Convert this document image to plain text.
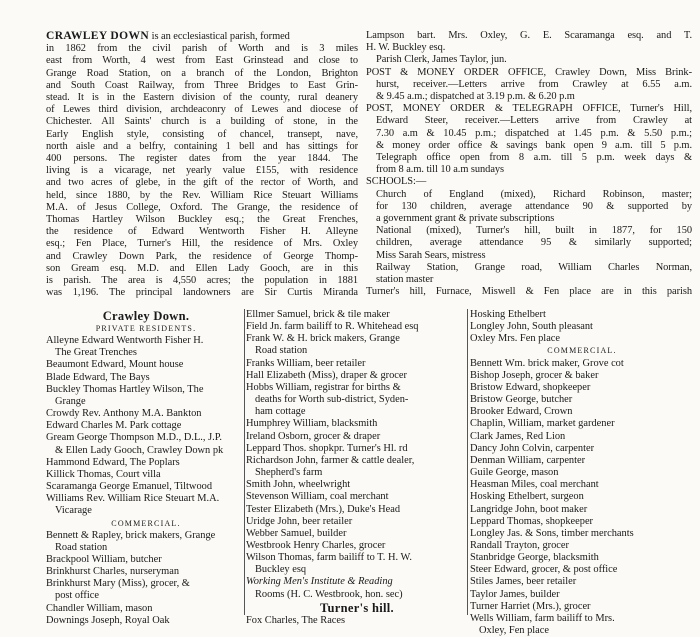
CRAWLEY DOWN is an ecclesiastical parish, formed
in 1862 from the civil parish of Worth and is 3 miles
east from Worth, 4 west from East Grinstead and close to
Grange Road Station, on a branch of the London, Brighton
and South Coast Railway, from Three Bridges to East Grin-
stead. It is in the Eastern division of the county, rural deanery
of Lewes third division, archdeaconry of Lewes and diocese of
Chichester. All Saints' church is a building of stone, in the
Early English style, consisting of chancel, transept, nave,
north aisle and a belfry, containing 1 bell and has sittings for
400 persons. The register dates from the year 1844. The
living is a vicarage, net yearly value £155, with residence
and two acres of glebe, in the gift of the rector of Worth, and
held, since 1880, by the Rev. William Rice Steuart Williams
M.A. of Jesus College, Oxford. The Grange, the residence of
Thomas Hartley Wilson Buckley esq.; the Great Frenches,
the residence of Edward Wentworth Fisher H. Alleyne
esq.; Fen Place, Turner's Hill, the residence of Mrs. Oxley
and Crawley Down Park, the residence of George Thomp-
son Gream esq. M.D. and Ellen Lady Gooch, are in this
is parish. The area is 4,550 acres; the population in 1881
was 1,196. The principal landowners are Sir Curtis Miranda
Lampson bart. Mrs. Oxley, G. E. Scaramanga esq. and T.
H. W. Buckley esq.
Parish Clerk, James Taylor, jun.
POST & MONEY ORDER OFFICE, Crawley Down, Miss Brink-
hurst, receiver.—Letters arrive from Crawley at 6.55 a.m.
& 9.45 a.m.; dispatched at 3.19 p.m. & 6.20 p.m
POST, MONEY ORDER & TELEGRAPH OFFICE, Turner's Hill,
Edward Steer, receiver.—Letters arrive from Crawley at
7.30 a.m & 10.45 p.m.; dispatched at 1.45 p.m. & 5.50 p.m.;
& money order office & savings bank open 9 a.m. till 5 p.m.
Telegraph office open from 8 a.m. till 5 p.m. week days &
from 8 a.m. till 10 a.m sundays
SCHOOLS:—
Church of England (mixed), Richard Robinson, master;
for 130 children, average attendance 90 & supported by
a government grant & private subscriptions
National (mixed), Turner's hill, built in 1877, for 150
children, average attendance 95 & similarly supported;
Miss Sarah Sears, mistress
Railway Station, Grange road, William Charles Norman,
station master
Turner's hill, Furnace, Miswell & Fen place are in this parish
Crawley Down.
PRIVATE RESIDENTS.
Alleyne Edward Wentworth Fisher H.
The Great Trenches
Beaumont Edward, Mount house
Blade Edward, The Bays
Buckley Thomas Hartley Wilson, The
Grange
Crowdy Rev. Anthony M.A. Bankton
Edward Charles M. Park cottage
Gream George Thompson M.D., D.L., J.P.
& Ellen Lady Gooch, Crawley Down pk
Hammond Edward, The Poplars
Killick Thomas, Court villa
Scaramanga George Emanuel, Tiltwood
Williams Rev. William Rice Steuart M.A.
Vicarage
COMMERCIAL.
Bennett & Rapley, brick makers, Grange
Road station
Brackpool William, butcher
Brinkhurst Charles, nurseryman
Brinkhurst Mary (Miss), grocer, &
post office
Chandler William, mason
Downings Joseph, Royal Oak
Ellmer Samuel, brick & tile maker
Field Jn. farm bailiff to R. Whitehead esq
Frank W. & H. brick makers, Grange
Road station
Franks William, beer retailer
Hall Elizabeth (Miss), draper & grocer
Hobbs William, registrar for births &
deaths for Worth sub-district, Syden-
ham cottage
Humphrey William, blacksmith
Ireland Osborn, grocer & draper
Leppard Thos. shopkpr. Turner's Hl. rd
Richardson John, farmer & cattle dealer,
Shepherd's farm
Smith John, wheelwright
Stevenson William, coal merchant
Tester Elizabeth (Mrs.), Duke's Head
Uridge John, beer retailer
Webber Samuel, builder
Westbrook Henry Charles, grocer
Wilson Thomas, farm bailiff to T. H. W.
Buckley esq
Working Men's Institute & Reading
Rooms (H. C. Westbrook, hon. sec)
Turner's hill.
Fox Charles, The Races
Hosking Ethelbert
Longley John, South pleasant
Oxley Mrs. Fen place
COMMERCIAL.
Bennett Wm. brick maker, Grove cot
Bishop Joseph, grocer & baker
Bristow Edward, shopkeeper
Bristow George, butcher
Brooker Edward, Crown
Chaplin, William, market gardener
Clark James, Red Lion
Dancy John Colvin, carpenter
Denman William, carpenter
Guile George, mason
Heasman Miles, coal merchant
Hosking Ethelbert, surgeon
Langridge John, boot maker
Leppard Thomas, shopkeeper
Longley Jas. & Sons, timber merchants
Randall Trayton, grocer
Stanbridge George, blacksmith
Steer Edward, grocer, & post office
Stiles James, beer retailer
Taylor James, builder
Turner Harriet (Mrs.), grocer
Wells William, farm bailiff to Mrs.
Oxley, Fen place
